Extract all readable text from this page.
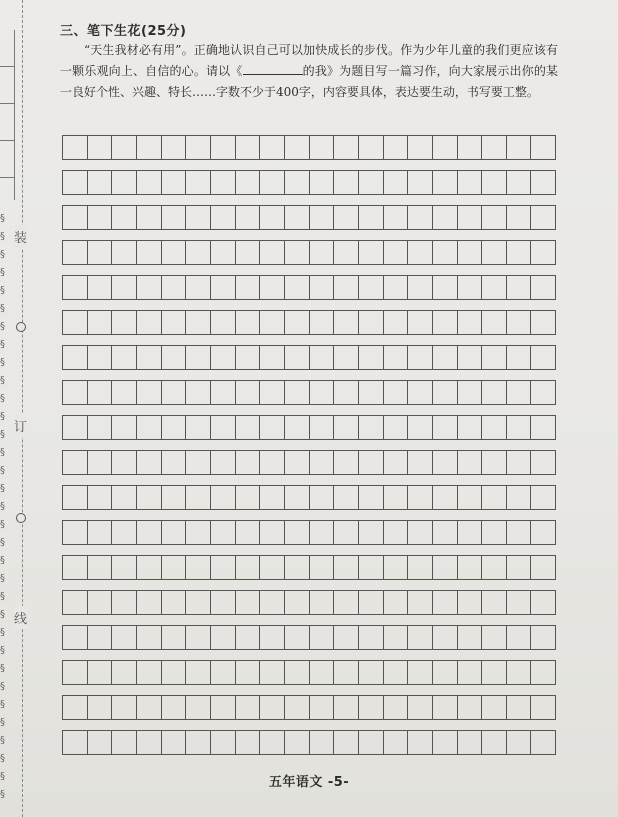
§
§
§
§
§
§
§
§
§
§
§
§
§
§
§
§
§
§
§
§
§
§
§
§
§
§
§
§
§
§
§
§
§
装
订
线
三、笔下生花(25分)
“天生我材必有用”。正确地认识自己可以加快成长的步伐。作为少年儿童的我们更应该有一颗乐观向上、自信的心。请以《	的我》为题目写一篇习作，向大家展示出你的某一良好个性、兴趣、特长……字数不少于400字，内容要具体，表达要生动，书写要工整。
五年语文 -5-
